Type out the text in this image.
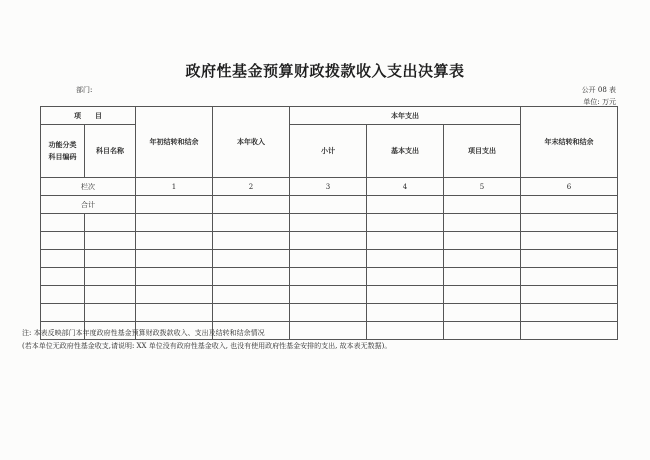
政府性基金预算财政拨款收入支出决算表
部门:	公开 08 表
单位: 万元
项　　目		年初结转和结余	本年收入	本年支出			年末结转和结余
功能分类
科目编码	科目名称			小计	基本支出	项目支出	
栏次		1	2	3	4	5	6
合计							

注: 本表反映部门本年度政府性基金预算财政拨款收入、支出及结转和结余情况
(若本单位无政府性基金收支,请说明: XX 单位没有政府性基金收入, 也没有使用政府性基金安排的支出, 故本表无数据)。
